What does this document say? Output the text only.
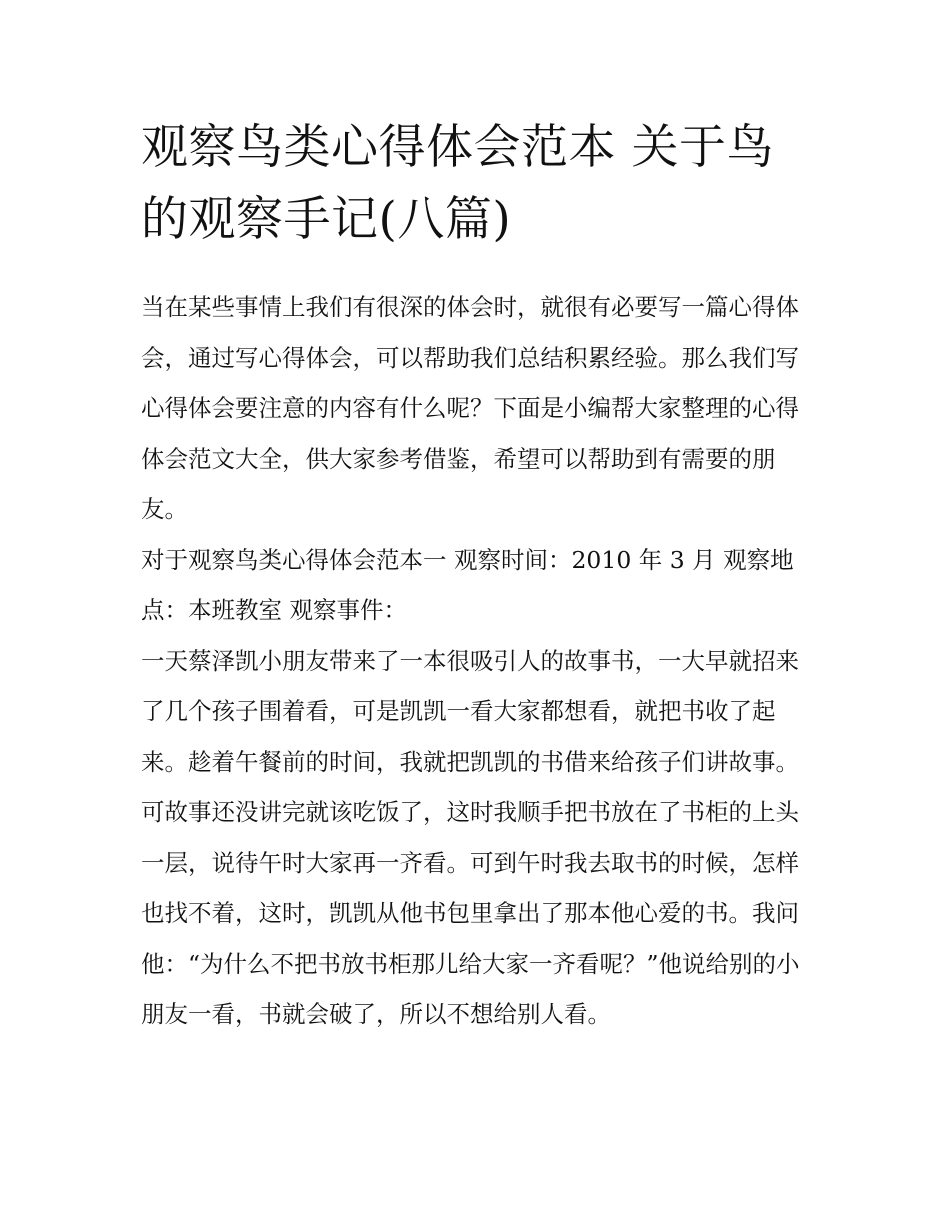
观察鸟类心得体会范本 关于鸟的观察手记(八篇)

当在某些事情上我们有很深的体会时，就很有必要写一篇心得体会，通过写心得体会，可以帮助我们总结积累经验。那么我们写心得体会要注意的内容有什么呢？下面是小编帮大家整理的心得体会范文大全，供大家参考借鉴，希望可以帮助到有需要的朋友。

对于观察鸟类心得体会范本一 观察时间：2010 年 3 月 观察地点：本班教室 观察事件：

一天蔡泽凯小朋友带来了一本很吸引人的故事书，一大早就招来了几个孩子围着看，可是凯凯一看大家都想看，就把书收了起来。趁着午餐前的时间，我就把凯凯的书借来给孩子们讲故事。可故事还没讲完就该吃饭了，这时我顺手把书放在了书柜的上头一层，说待午时大家再一齐看。可到午时我去取书的时候，怎样也找不着，这时，凯凯从他书包里拿出了那本他心爱的书。我问他：“为什么不把书放书柜那儿给大家一齐看呢？”他说给别的小朋友一看，书就会破了，所以不想给别人看。
